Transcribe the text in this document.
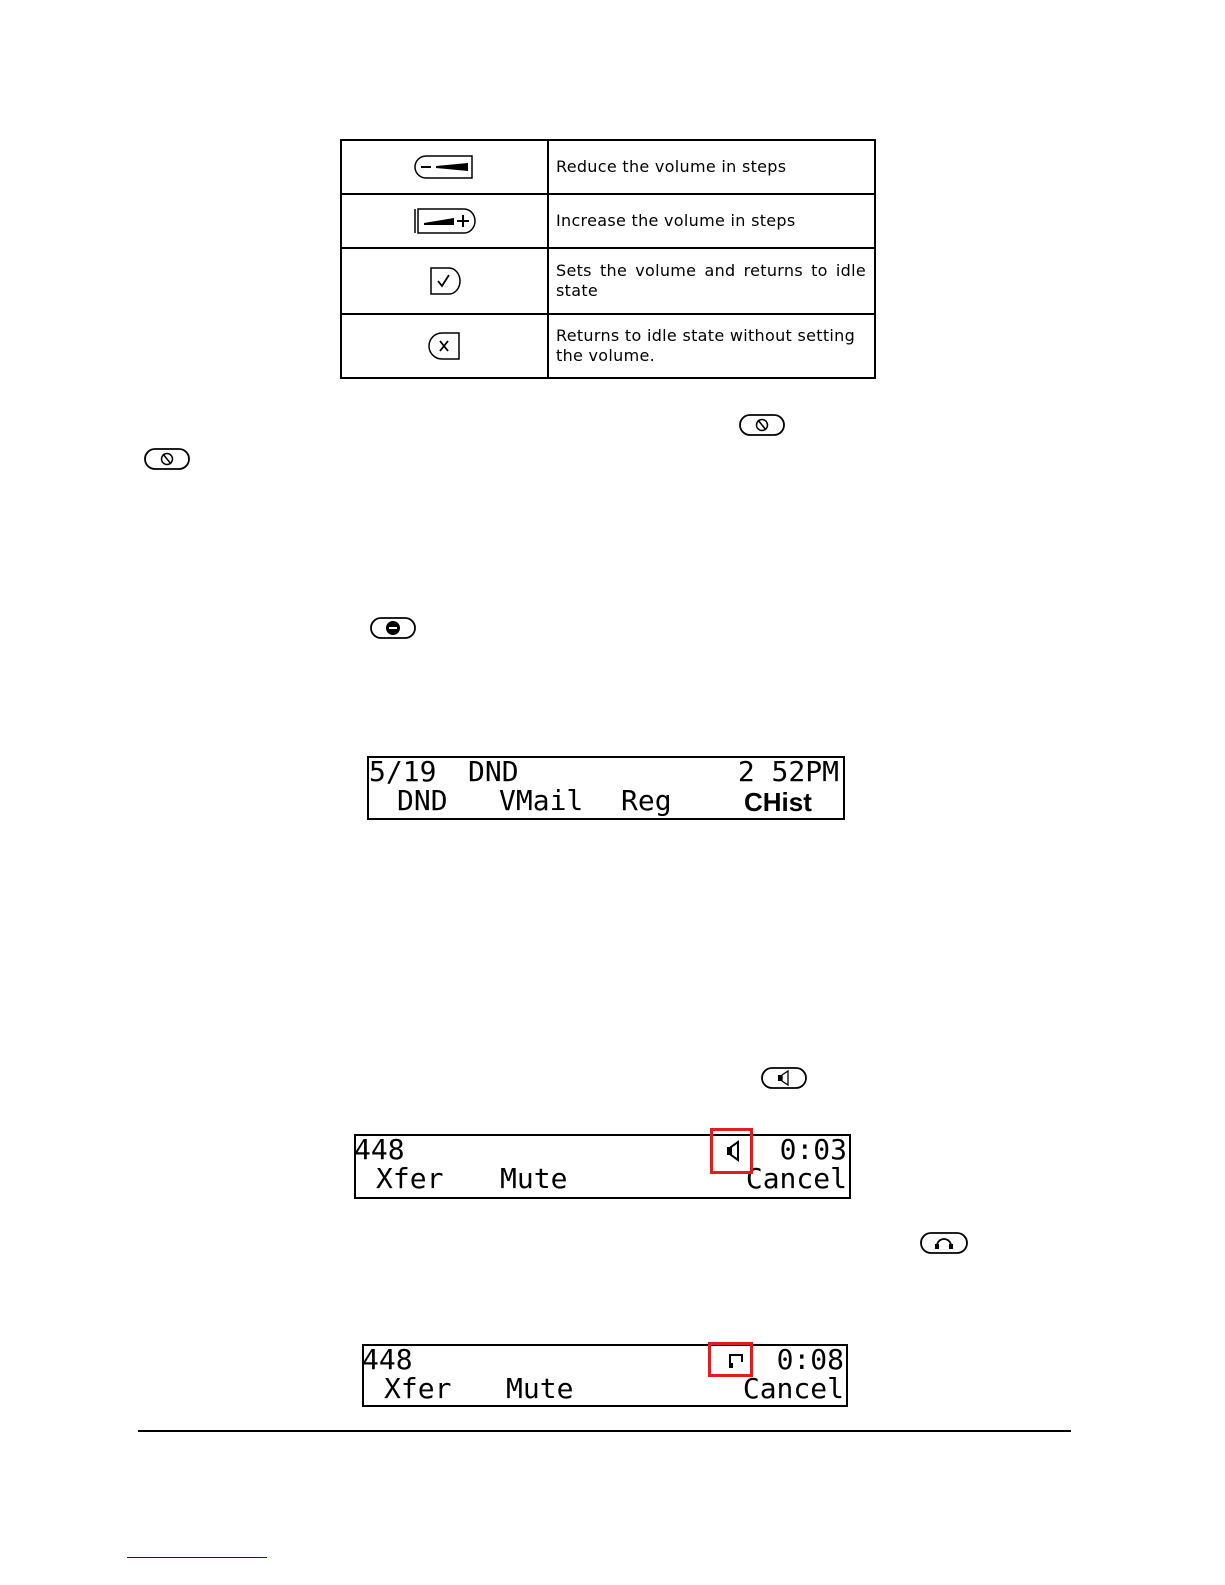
	Reduce the volume in steps

	Increase the volume in steps

	Sets the volume and returns to idle state

	Returns to idle state without setting the volume.
5/19 DND	2 52PM
DND VMail Reg	CHist
448	0:03
Xfer Mute	Cancel
448	0:08
Xfer Mute	Cancel
